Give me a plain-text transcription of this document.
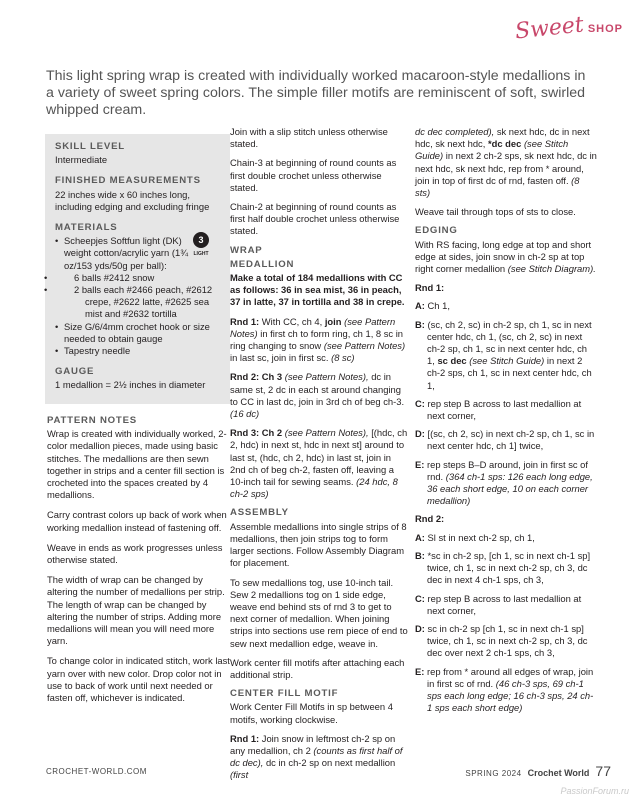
Sweet SHOP
This light spring wrap is created with individually worked macaroon-style medallions in a variety of sweet spring colors. The simple filler motifs are reminiscent of soft, swirled whipped cream.
SKILL LEVEL

Intermediate

FINISHED MEASUREMENTS

22 inches wide x 60 inches long, including edging and excluding fringe

MATERIALS
• Scheepjes Softfun light (DK) weight cotton/acrylic yarn (1¾ oz/153 yds/50g per ball):
• 6 balls #2412 snow
• 2 balls each #2466 peach, #2612 crepe, #2622 latte, #2625 sea mist and #2632 tortilla
• Size G/6/4mm crochet hook or size needed to obtain gauge
• Tapestry needle
GAUGE

1 medallion = 2½ inches in diameter

3
LIGHT
PATTERN NOTES

Wrap is created with individually worked, 2-color medallion pieces, made using basic stitches. The medallions are then sewn together in strips and a center fill section is crocheted into the spaces created by 4 medallions.

Carry contrast colors up back of work when working medallion instead of fastening off.

Weave in ends as work progresses unless otherwise stated.

The width of wrap can be changed by altering the number of medallions per strip. The length of wrap can be changed by altering the number of strips. Adding more medallions will mean you will need more yarn.

To change color in indicated stitch, work last yarn over with new color. Drop color not in use to back of work until next needed or fasten off, whichever is indicated.

Join with a slip stitch unless otherwise stated.

Chain-3 at beginning of round counts as first double crochet unless otherwise stated.

Chain-2 at beginning of round counts as first half double crochet unless otherwise stated.

WRAP
MEDALLION

Make a total of 184 medallions with CC as follows: 36 in sea mist, 36 in peach, 37 in latte, 37 in tortilla and 38 in crepe.

Rnd 1: With CC, ch 4, join (see Pattern Notes) in first ch to form ring, ch 1, 8 sc in ring changing to snow (see Pattern Notes) in last sc, join in first sc. (8 sc)

Rnd 2: Ch 3 (see Pattern Notes), dc in same st, 2 dc in each st around changing to CC in last dc, join in 3rd ch of beg ch-3. (16 dc)

Rnd 3: Ch 2 (see Pattern Notes), [(hdc, ch 2, hdc) in next st, hdc in next st] around to last st, (hdc, ch 2, hdc) in last st, join in 2nd ch of beg ch-2, fasten off, leaving a 10-inch tail for sewing seams. (24 hdc, 8 ch-2 sps)

ASSEMBLY

Assemble medallions into single strips of 8 medallions, then join strips tog to form larger sections. Follow Assembly Diagram for placement.

To sew medallions tog, use 10-inch tail. Sew 2 medallions tog on 1 side edge, weave end behind sts of rnd 3 to get to next corner of medallion. When joining strips into sections use rem piece of end to sew next medallion edge, weave in.

Work center fill motifs after attaching each additional strip.

CENTER FILL MOTIF

Work Center Fill Motifs in sp between 4 motifs, working clockwise.

Rnd 1: Join snow in leftmost ch-2 sp on any medallion, ch 2 (counts as first half of dc dec), dc in ch-2 sp on next medallion (first

dc dec completed), sk next hdc, dc in next hdc, sk next hdc, *dc dec (see Stitch Guide) in next 2 ch-2 sps, sk next hdc, dc in next hdc, sk next hdc, rep from * around, join in top of first dc of rnd, fasten off. (8 sts)

Weave tail through tops of sts to close.

EDGING

With RS facing, long edge at top and short edge at sides, join snow in ch-2 sp at top right corner medallion (see Stitch Diagram).

Rnd 1:

A: Ch 1,

B: (sc, ch 2, sc) in ch-2 sp, ch 1, sc in next center hdc, ch 1, (sc, ch 2, sc) in next ch-2 sp, ch 1, sc in next center hdc, ch 1, sc dec (see Stitch Guide) in next 2 ch-2 sps, ch 1, sc in next center hdc, ch 1,

C: rep step B across to last medallion at next corner,

D: [(sc, ch 2, sc) in next ch-2 sp, ch 1, sc in next center hdc, ch 1] twice,

E: rep steps B–D around, join in first sc of rnd. (364 ch-1 sps: 126 each long edge, 36 each short edge, 10 on each corner medallion)

Rnd 2:

A: Sl st in next ch-2 sp, ch 1,

B: *sc in ch-2 sp, [ch 1, sc in next ch-1 sp] twice, ch 1, sc in next ch-2 sp, ch 3, dc dec in next 4 ch-1 sps, ch 3,

C: rep step B across to last medallion at next corner,

D: sc in ch-2 sp [ch 1, sc in next ch-1 sp] twice, ch 1, sc in next ch-2 sp, ch 3, dc dec over next 2 ch-1 sps, ch 3,

E: rep from * around all edges of wrap, join in first sc of rnd. (46 ch-3 sps, 69 ch-1 sps each long edge; 16 ch-3 sps, 24 ch-1 sps each short edge)

CROCHET-WORLD.COM	SPRING 2024 Crochet World 77
PassionForum.ru
